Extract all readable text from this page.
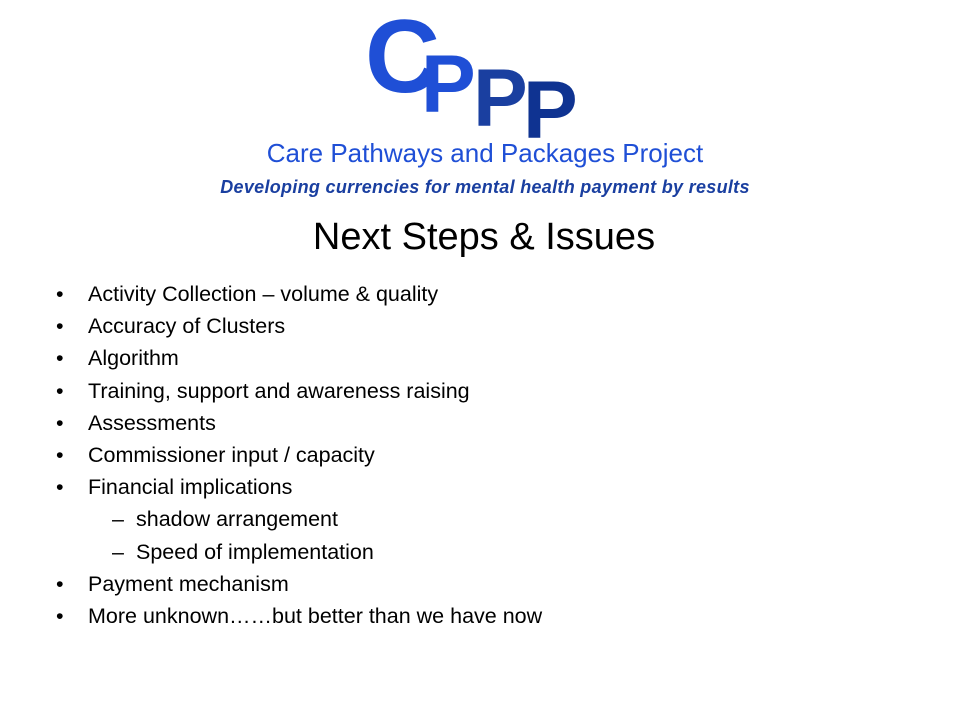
C
P
P
P
Care Pathways and Packages Project
Developing currencies for mental health payment by results
Next Steps & Issues
•	Activity Collection – volume & quality
•	Accuracy of Clusters
•	Algorithm
•	Training, support and awareness raising
•	Assessments
•	Commissioner input / capacity
•	Financial implications
– shadow arrangement
– Speed of implementation
•	Payment mechanism
•	More unknown……but better than we have now
